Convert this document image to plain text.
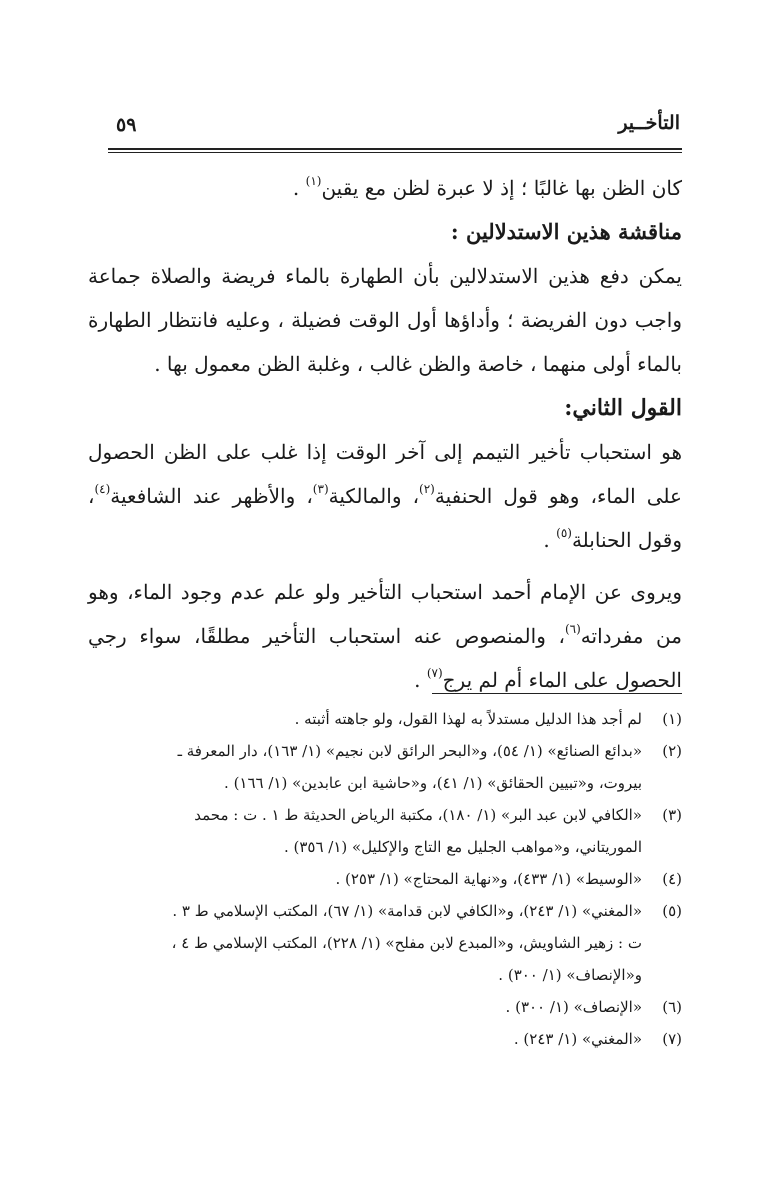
التأخــير
٥٩
كان الظن بها غالبًا ؛ إذ لا عبرة لظن مع يقين$^{(١)}$ .
مناقشة هذين الاستدلالين :
يمكن دفع هذين الاستدلالين بأن الطهارة بالماء فريضة والصلاة جماعة
واجب دون الفريضة ؛ وأداؤها أول الوقت فضيلة ، وعليه فانتظار الطهارة
بالماء أولى منهما ، خاصة والظن غالب ، وغلبة الظن معمول بها .
القول الثاني:
هو استحباب تأخير التيمم إلى آخر الوقت إذا غلب على الظن الحصول
على الماء، وهو قول الحنفية$^{(٢)}$، والمالكية$^{(٣)}$، والأظهر عند الشافعية$^{(٤)}$،
وقول الحنابلة$^{(٥)}$ .
ويروى عن الإمام أحمد استحباب التأخير ولو علم عدم وجود الماء، وهو
من مفرداته$^{(٦)}$، والمنصوص عنه استحباب التأخير مطلقًا، سواء رجي
الحصول على الماء أم لم يرج$^{(٧)}$ .
(١)
لم أجد هذا الدليل مستدلاً به لهذا القول، ولو جاهته أثبته .
(٢)
«بدائع الصنائع» (١/ ٥٤)، و«البحر الرائق لابن نجيم» (١/ ١٦٣)، دار المعرفة ـ
بيروت، و«تبيين الحقائق» (١/ ٤١)، و«حاشية ابن عابدين» (١/ ١٦٦) .
(٣)
«الكافي لابن عبد البر» (١/ ١٨٠)، مكتبة الرياض الحديثة ط ١ . ت : محمد
الموريتاني، و«مواهب الجليل مع التاج والإكليل» (١/ ٣٥٦) .
(٤)
«الوسيط» (١/ ٤٣٣)، و«نهاية المحتاج» (١/ ٢٥٣) .
(٥)
«المغني» (١/ ٢٤٣)، و«الكافي لابن قدامة» (١/ ٦٧)، المكتب الإسلامي ط ٣ .
ت : زهير الشاويش، و«المبدع لابن مفلح» (١/ ٢٢٨)، المكتب الإسلامي ط ٤ ،
و«الإنصاف» (١/ ٣٠٠) .
(٦)
«الإنصاف» (١/ ٣٠٠) .
(٧)
«المغني» (١/ ٢٤٣) .
